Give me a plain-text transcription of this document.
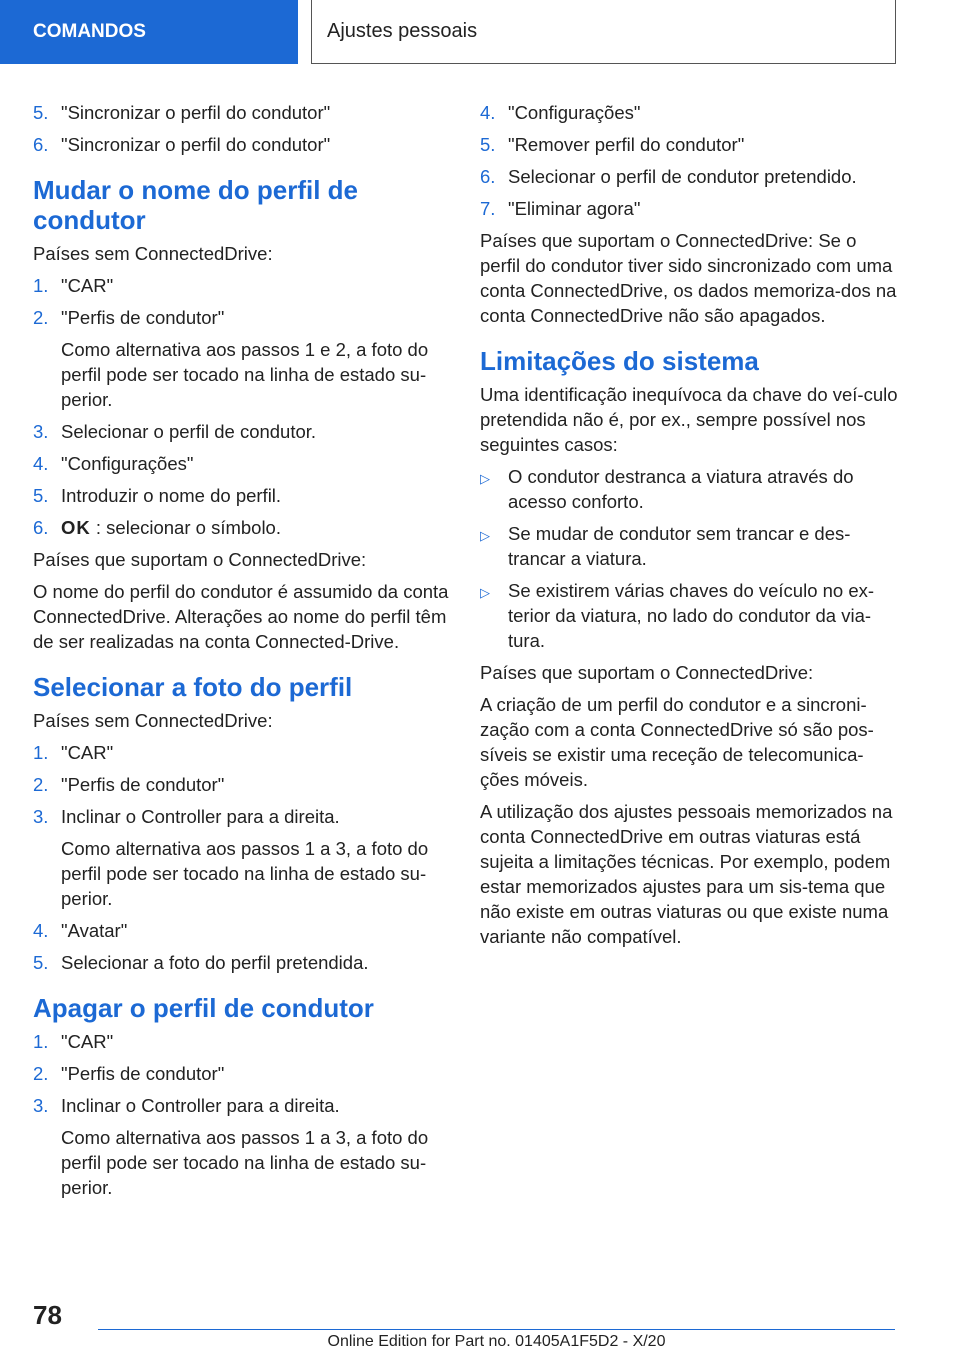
COMANDOS	Ajustes pessoais
5. "Sincronizar o perfil do condutor"
6. "Sincronizar o perfil do condutor"
Mudar o nome do perfil de condutor
Países sem ConnectedDrive:
1. "CAR"
2. "Perfis de condutor"
Como alternativa aos passos 1 e 2, a foto do perfil pode ser tocado na linha de estado su-perior.
3. Selecionar o perfil de condutor.
4. "Configurações"
5. Introduzir o nome do perfil.
6. OK : selecionar o símbolo.
Países que suportam o ConnectedDrive:
O nome do perfil do condutor é assumido da conta ConnectedDrive. Alterações ao nome do perfil têm de ser realizadas na conta Connected-Drive.
Selecionar a foto do perfil
Países sem ConnectedDrive:
1. "CAR"
2. "Perfis de condutor"
3. Inclinar o Controller para a direita.
Como alternativa aos passos 1 a 3, a foto do perfil pode ser tocado na linha de estado su-perior.
4. "Avatar"
5. Selecionar a foto do perfil pretendida.
Apagar o perfil de condutor
1. "CAR"
2. "Perfis de condutor"
3. Inclinar o Controller para a direita.
Como alternativa aos passos 1 a 3, a foto do perfil pode ser tocado na linha de estado su-perior.
4. "Configurações"
5. "Remover perfil do condutor"
6. Selecionar o perfil de condutor pretendido.
7. "Eliminar agora"
Países que suportam o ConnectedDrive: Se o perfil do condutor tiver sido sincronizado com uma conta ConnectedDrive, os dados memoriza-dos na conta ConnectedDrive não são apagados.
Limitações do sistema
Uma identificação inequívoca da chave do veí-culo pretendida não é, por ex., sempre possível nos seguintes casos:
▷ O condutor destranca a viatura através do acesso conforto.
▷ Se mudar de condutor sem trancar e des-trancar a viatura.
▷ Se existirem várias chaves do veículo no ex-terior da viatura, no lado do condutor da via-tura.
Países que suportam o ConnectedDrive:
A criação de um perfil do condutor e a sincroni-zação com a conta ConnectedDrive só são pos-síveis se existir uma receção de telecomunica-ções móveis.
A utilização dos ajustes pessoais memorizados na conta ConnectedDrive em outras viaturas está sujeita a limitações técnicas. Por exemplo, podem estar memorizados ajustes para um sis-tema que não existe em outras viaturas ou que existe numa variante não compatível.
78
Online Edition for Part no. 01405A1F5D2 - X/20
